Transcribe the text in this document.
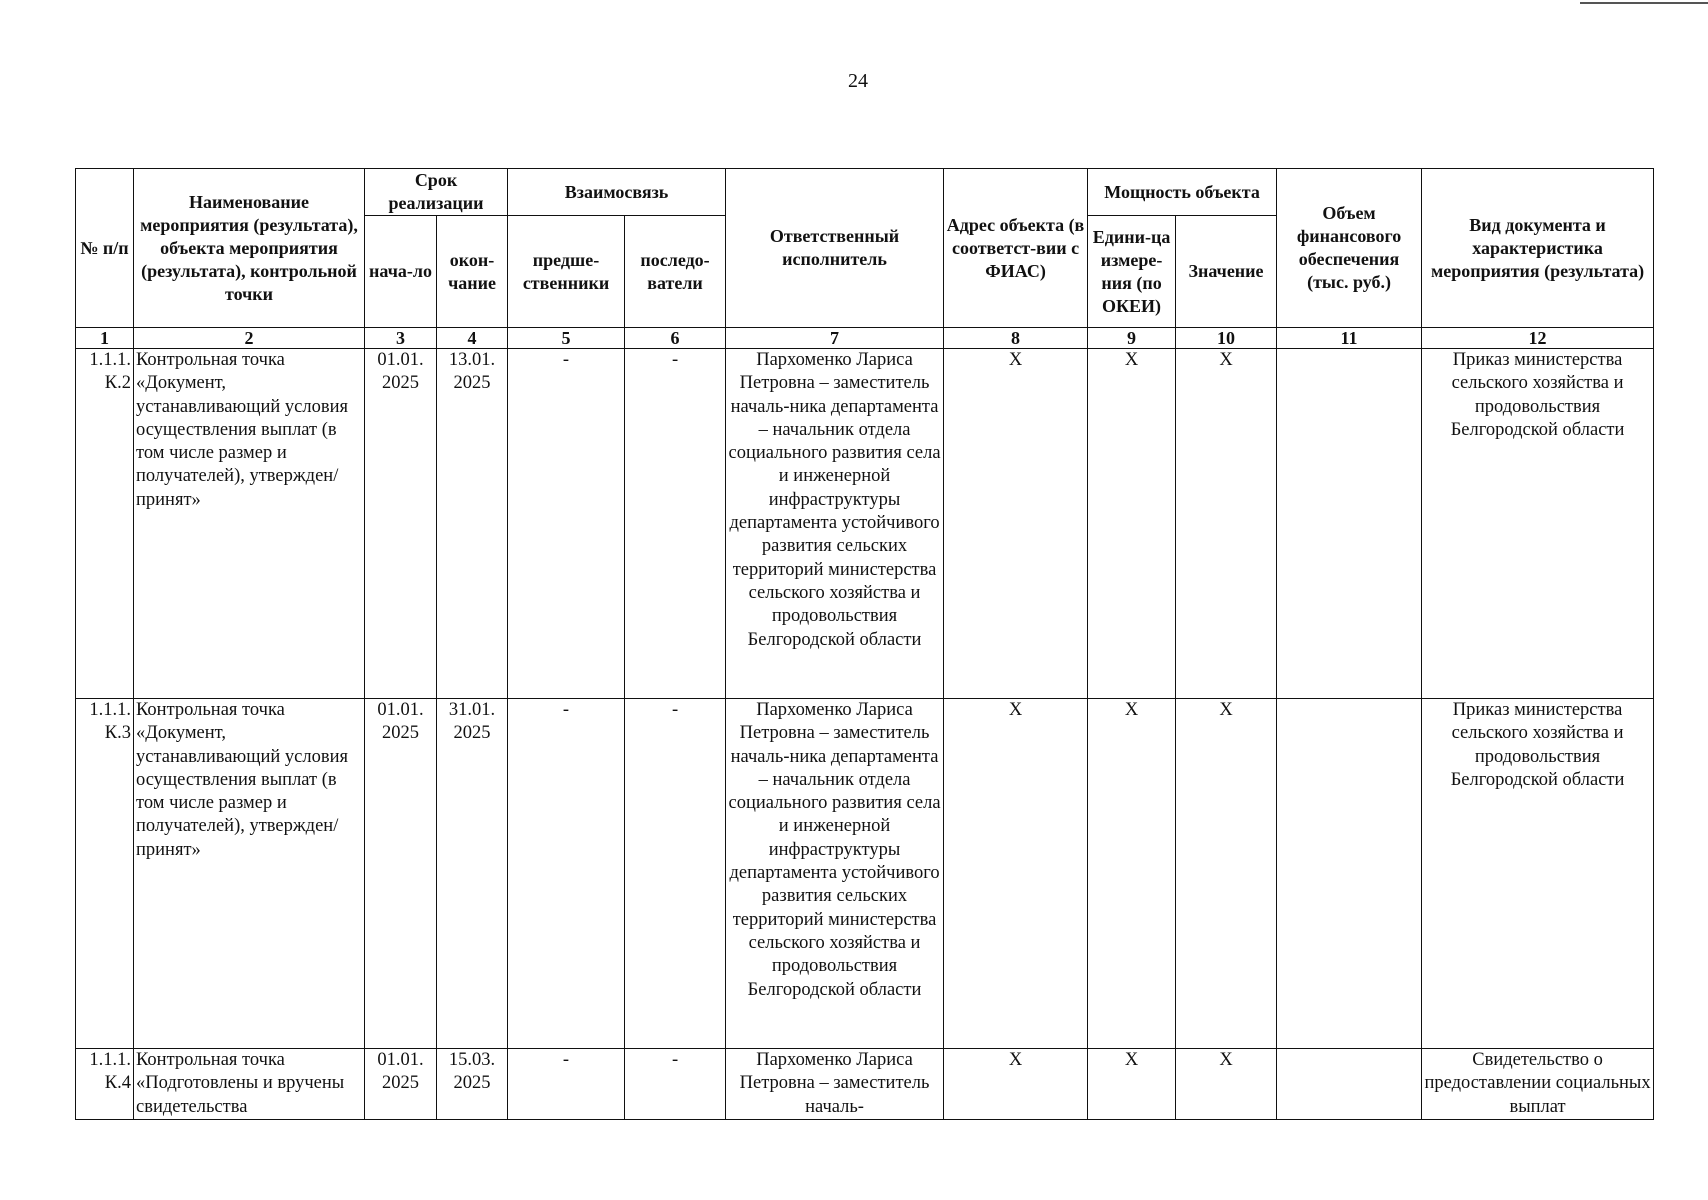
24
№ п/п	Наименование мероприятия (результата), объекта мероприятия (результата), контрольной точки	Срок реализации		Взаимосвязь		Ответственный исполнитель	Адрес объекта (в соответст-вии с ФИАС)	Мощность объекта		Объем финансового обеспечения (тыс. руб.)	Вид документа и характеристика мероприятия (результата)
		нача-ло	окон-чание	предше-ственники	последо-ватели			Едини-ца измере-ния (по ОКЕИ)	Значение		
1	2	3	4	5	6	7	8	9	10	11	12
1.1.1. К.2	Контрольная точка «Документ, устанавливающий условия осуществления выплат (в том числе размер и получателей), утвержден/принят»	01.01. 2025	13.01. 2025	-	-	Пархоменко Лариса Петровна – заместитель началь-ника департамента – начальник отдела социального развития села и инженерной инфраструктуры департамента устойчивого развития сельских территорий министерства сельского хозяйства и продовольствия Белгородской области	Х	Х	Х		Приказ министерства сельского хозяйства и продовольствия Белгородской области
1.1.1. К.3	Контрольная точка «Документ, устанавливающий условия осуществления выплат (в том числе размер и получателей), утвержден/принят»	01.01. 2025	31.01. 2025	-	-	Пархоменко Лариса Петровна – заместитель началь-ника департамента – начальник отдела социального развития села и инженерной инфраструктуры департамента устойчивого развития сельских территорий министерства сельского хозяйства и продовольствия Белгородской области	Х	Х	Х		Приказ министерства сельского хозяйства и продовольствия Белгородской области
1.1.1. К.4	Контрольная точка «Подготовлены и вручены свидетельства	01.01. 2025	15.03. 2025	-	-	Пархоменко Лариса Петровна – заместитель началь-	Х	Х	Х		Свидетельство о предоставлении социальных выплат
